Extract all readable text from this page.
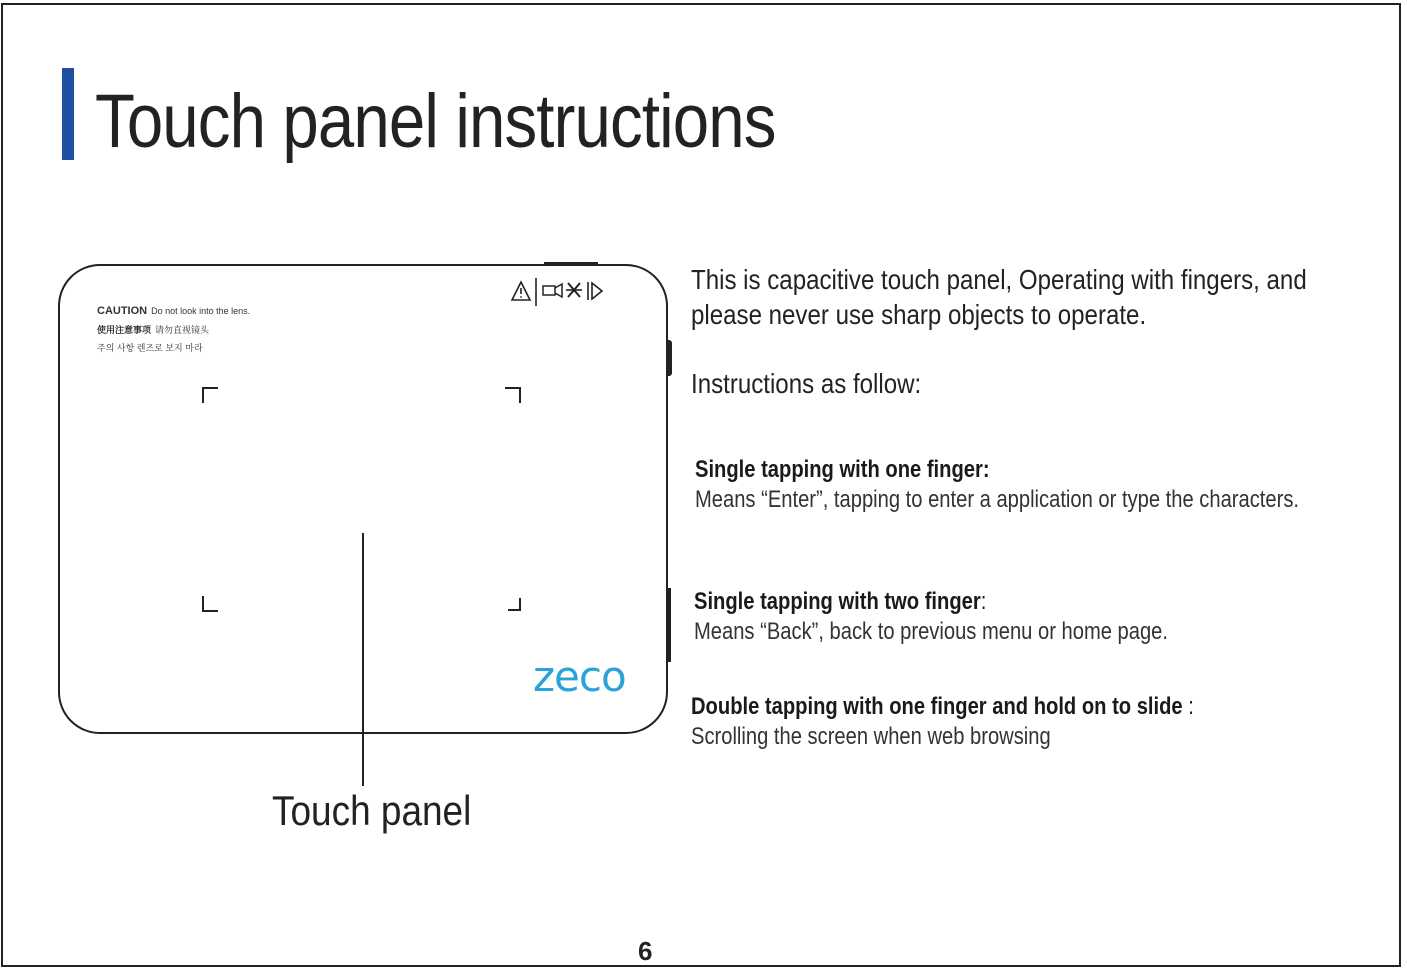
Touch panel instructions
CAUTION Do not look into the lens.
使用注意事项 请勿直视镜头
주의 사항 렌즈로 보지 마라
zeco
Touch panel
This is capacitive touch panel, Operating with fingers, and
please never use sharp objects to operate.
Instructions as follow:
Single tapping with one finger:
Means “Enter”, tapping to enter a application or type the characters.
Single tapping with two finger:
Means “Back”, back to previous menu or home page.
Double tapping with one finger and hold on to slide :
Scrolling the screen when web browsing
6
